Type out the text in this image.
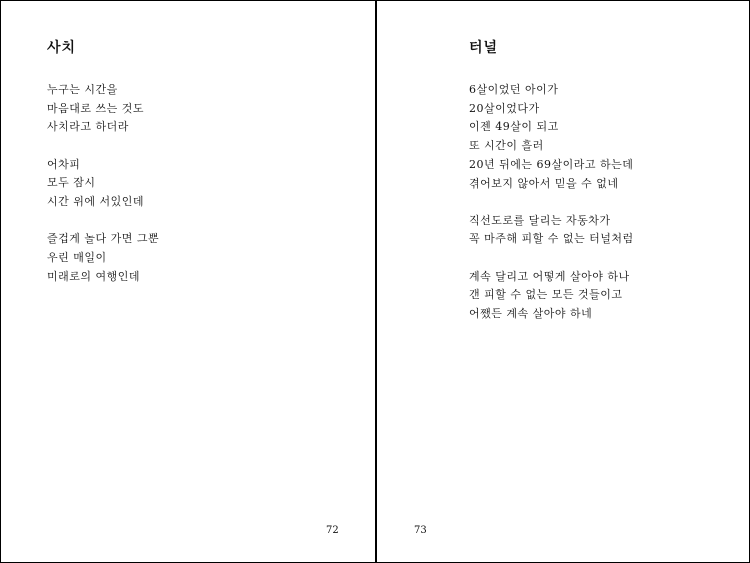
사치
누구는 시간을
마음대로 쓰는 것도
사치라고 하더라
어차피
모두 잠시
시간 위에 서있인데
즐겁게 놀다 가면 그뿐
우린 매일이
미래로의 여행인데
72
터널
6살이었던 아이가
20살이었다가
이젠 49살이 되고
또 시간이 흘러
20년 뒤에는 69살이라고 하는데
겪어보지 않아서 믿을 수 없네
직선도로를 달리는 자동차가
꼭 마주해 피할 수 없는 터널처럼
계속 달리고 어떻게 살아야 하나
갠 피할 수 없는 모든 것들이고
어쨌든 계속 살아야 하네
73
